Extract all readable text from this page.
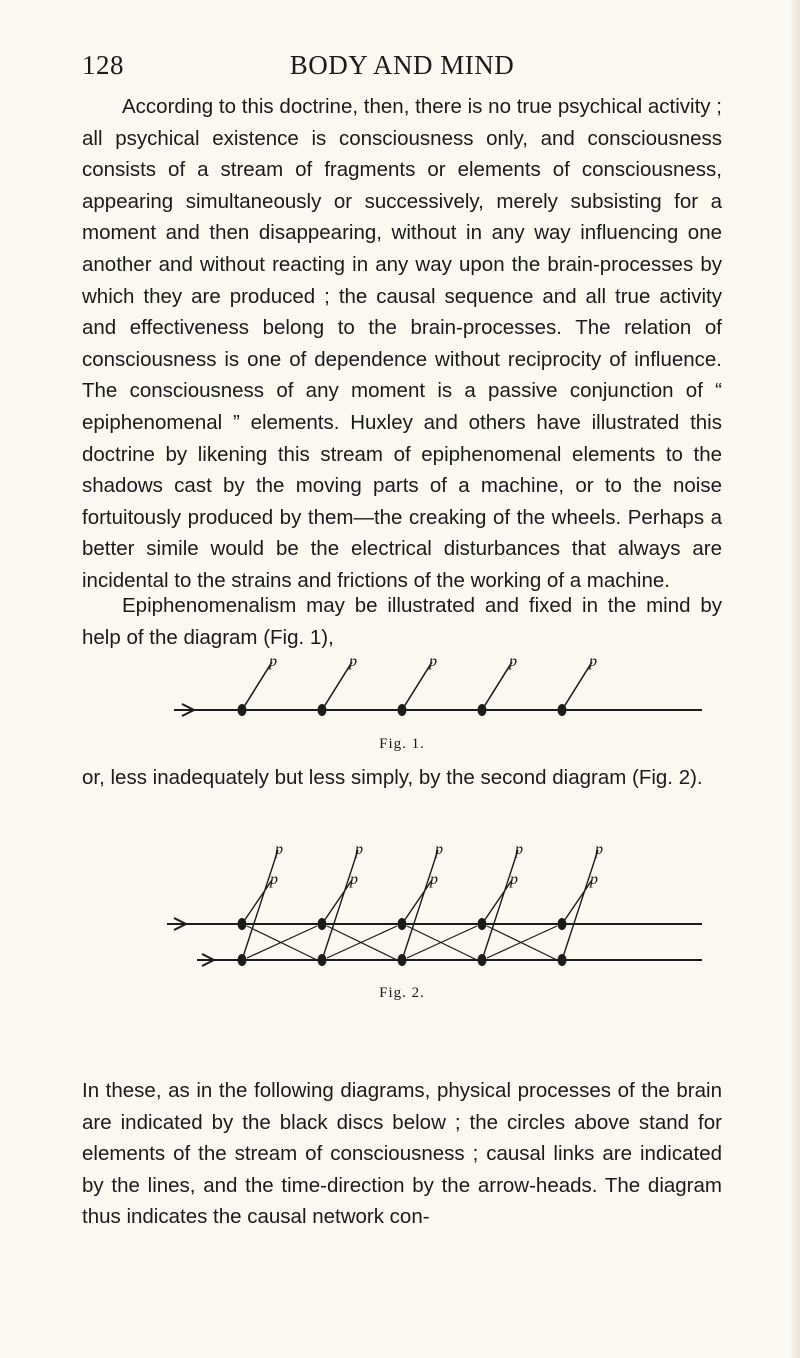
128	BODY AND MIND

According to this doctrine, then, there is no true psychical activity ; all psychical existence is consciousness only, and consciousness consists of a stream of fragments or elements of consciousness, appearing simultaneously or successively, merely subsisting for a moment and then disappearing, without in any way influencing one another and without reacting in any way upon the brain-processes by which they are produced ; the causal sequence and all true activity and effectiveness belong to the brain-processes. The relation of consciousness is one of dependence without reciprocity of influence. The consciousness of any moment is a passive conjunction of “ epiphenomenal ” elements. Huxley and others have illustrated this doctrine by likening this stream of epiphenomenal elements to the shadows cast by the moving parts of a machine, or to the noise fortuitously produced by them—the creaking of the wheels. Perhaps a better simile would be the electrical disturbances that always are incidental to the strains and frictions of the working of a machine.

Epiphenomenalism may be illustrated and fixed in the mind by help of the diagram (Fig. 1),

p	p	p	p	p
Fig. 1.
or, less inadequately but less simply, by the second diagram (Fig. 2).
p
p
p
p
p
p
p
p
p
p
Fig. 2.

In these, as in the following diagrams, physical processes of the brain are indicated by the black discs below ; the circles above stand for elements of the stream of consciousness ; causal links are indicated by the lines, and the time-direction by the arrow-heads. The diagram thus indicates the causal network con-
